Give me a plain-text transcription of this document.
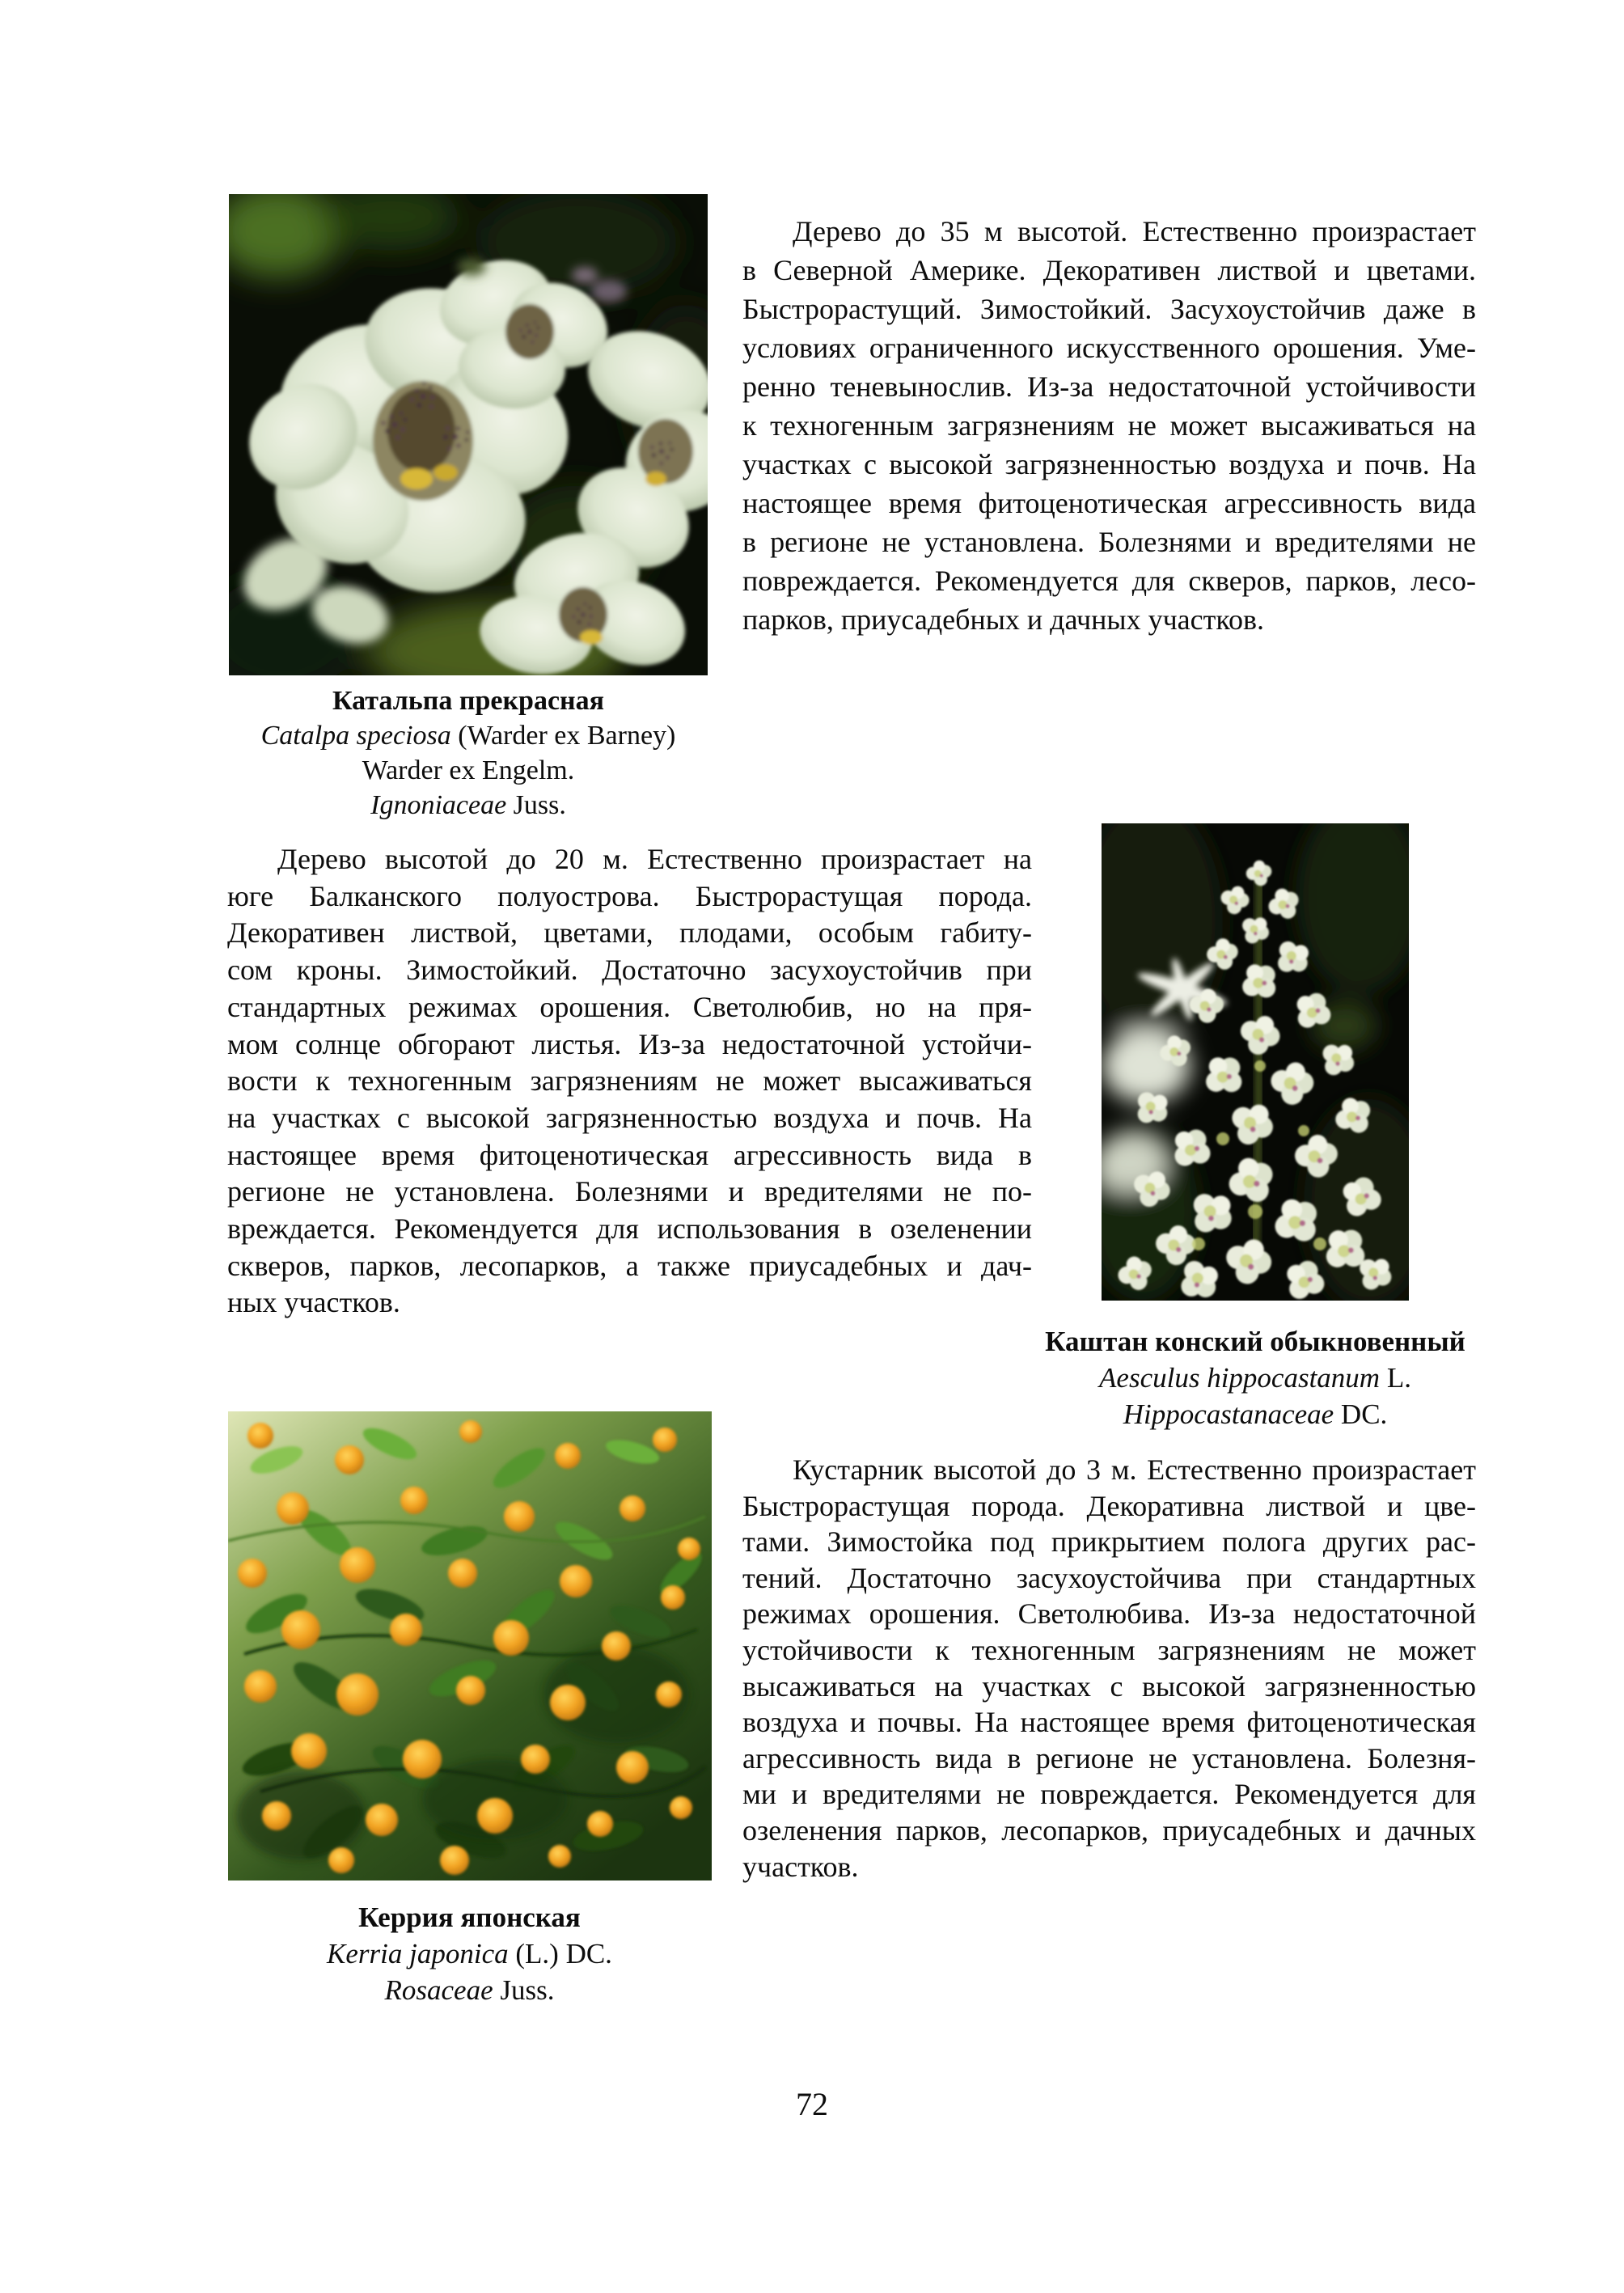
Катальпа прекрасная
Catalpa speciosa (Warder ex Barney)
Warder ex Engelm.
Ignoniaceae Juss.
Дерево до 35 м высотой. Естественно произрастает
в Северной Америке. Декоративен листвой и цветами.
Быстрорастущий. Зимостойкий. Засухоустойчив даже в
условиях ограниченного искусственного орошения. Уме-
ренно теневынослив. Из-за недостаточной устойчивости
к техногенным загрязнениям не может высаживаться на
участках с высокой загрязненностью воздуха и почв. На
настоящее время фитоценотическая агрессивность вида
в регионе не установлена. Болезнями и вредителями не
повреждается. Рекомендуется для скверов, парков, лесо-
парков, приусадебных и дачных участков.
Дерево высотой до 20 м. Естественно произрастает на
юге Балканского полуострова. Быстрорастущая порода.
Декоративен листвой, цветами, плодами, особым габиту-
сом кроны. Зимостойкий. Достаточно засухоустойчив при
стандартных режимах орошения. Светолюбив, но на пря-
мом солнце обгорают листья. Из-за недостаточной устойчи-
вости к техногенным загрязнениям не может высаживаться
на участках с высокой загрязненностью воздуха и почв. На
настоящее время фитоценотическая агрессивность вида в
регионе не установлена. Болезнями и вредителями не по-
вреждается. Рекомендуется для использования в озеленении
скверов, парков, лесопарков, а также приусадебных и дач-
ных участков.
Каштан конский обыкновенный
Aesculus hippocastanum L.
Hippocastanaceae DC.
Кустарник высотой до 3 м. Естественно произрастает
Быстрорастущая порода. Декоративна листвой и цве-
тами. Зимостойка под прикрытием полога других рас-
тений. Достаточно засухоустойчива при стандартных
режимах орошения. Светолюбива. Из-за недостаточной
устойчивости к техногенным загрязнениям не может
высаживаться на участках с высокой загрязненностью
воздуха и почвы. На настоящее время фитоценотическая
агрессивность вида в регионе не установлена. Болезня-
ми и вредителями не повреждается. Рекомендуется для
озеленения парков, лесопарков, приусадебных и дачных
участков.
Керрия японская
Kerria japonica (L.) DC.
Rosaceae Juss.
72
